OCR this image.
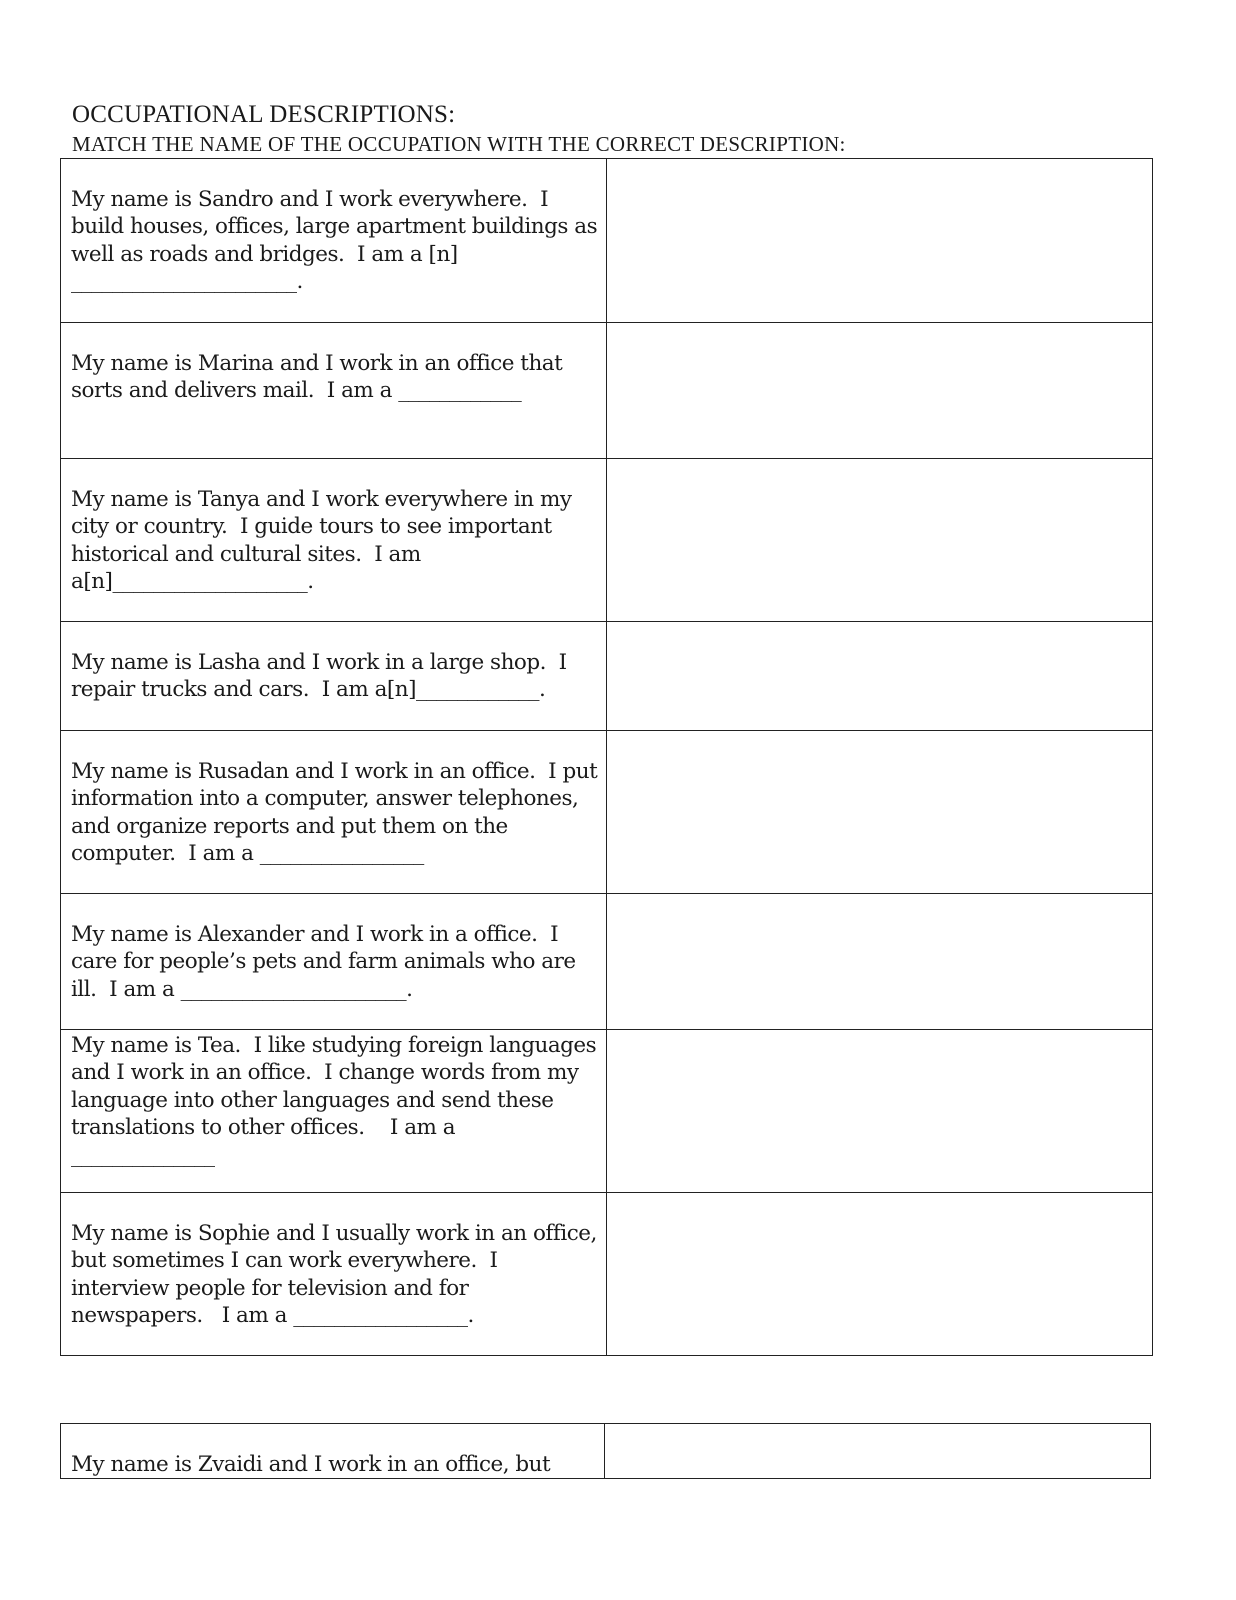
OCCUPATIONAL DESCRIPTIONS:
MATCH THE NAME OF THE OCCUPATION WITH THE CORRECT DESCRIPTION:
My name is Sandro and I work everywhere.  I build houses, offices, large apartment buildings as well as roads and bridges.  I am a [n] ______________________.	

My name is Marina and I work in an office that sorts and delivers mail.  I am a ____________	

My name is Tanya and I work everywhere in my city or country.  I guide tours to see important historical and cultural sites.  I am a[n]___________________.	

My name is Lasha and I work in a large shop.  I repair trucks and cars.  I am a[n]____________.	

My name is Rusadan and I work in an office.  I put information into a computer, answer telephones, and organize reports and put them on the computer.  I am a ________________	

My name is Alexander and I work in a office.  I care for people’s pets and farm animals who are ill.  I am a ______________________.	

My name is Tea.  I like studying foreign languages and I work in an office.  I change words from my language into other languages and send these translations to other offices.    I am a ______________	

My name is Sophie and I usually work in an office, but sometimes I can work everywhere.  I interview people for television and for newspapers.   I am a _________________.	

My name is Zvaidi and I work in an office, but
